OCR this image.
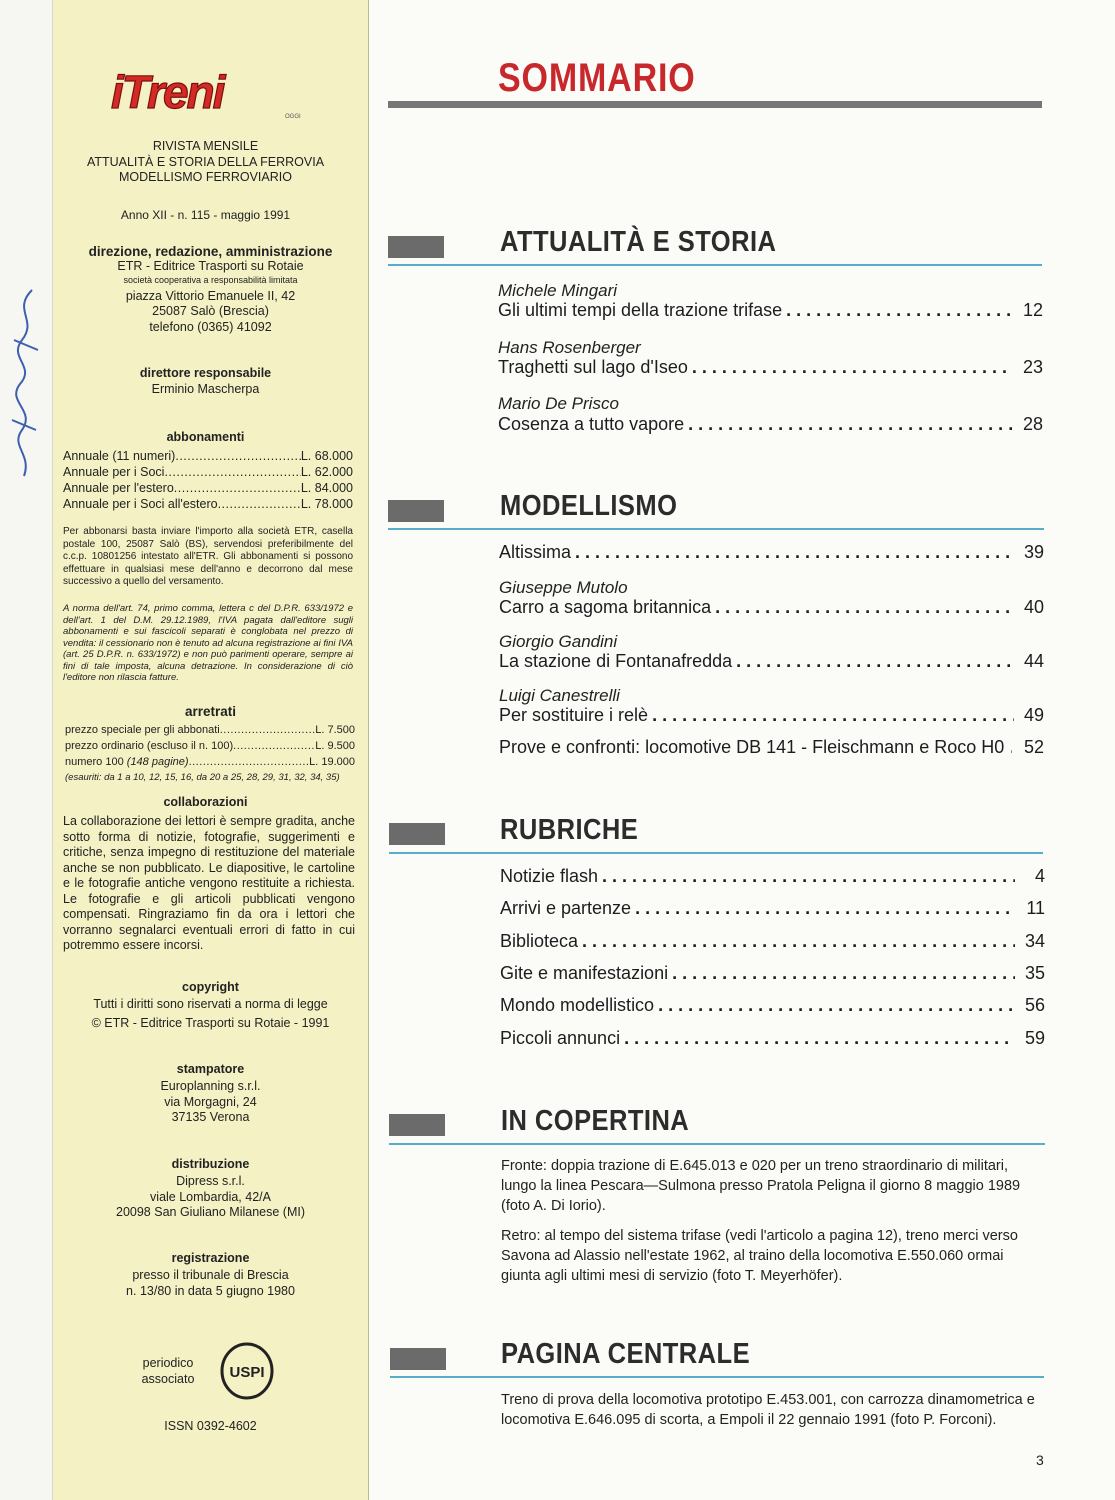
iTreni	OGGI
RIVISTA MENSILE
ATTUALITÀ E STORIA DELLA FERROVIA
MODELLISMO FERROVIARIO
Anno XII - n. 115 - maggio 1991
direzione, redazione, amministrazione
ETR - Editrice Trasporti su Rotaie
società cooperativa a responsabilità limitata
piazza Vittorio Emanuele II, 42
25087 Salò (Brescia)
telefono (0365) 41092
direttore responsabile
Erminio Mascherpa
abbonamenti
Annuale (11 numeri) .....	L. 68.000
Annuale per i Soci .....	L. 62.000
Annuale per l'estero .....	L. 84.000
Annuale per i Soci all'estero .....	L. 78.000
Per abbonarsi basta inviare l'importo alla società ETR, casella postale 100, 25087 Salò (BS), servendosi preferibilmente del c.c.p. 10801256 intestato all'ETR. Gli abbonamenti si possono effettuare in qualsiasi mese dell'anno e decorrono dal mese successivo a quello del versamento.
A norma dell'art. 74, primo comma, lettera c del D.P.R. 633/1972 e dell'art. 1 del D.M. 29.12.1989, l'IVA pagata dall'editore sugli abbonamenti e sui fascicoli separati è conglobata nel prezzo di vendita: il cessionario non è tenuto ad alcuna registrazione ai fini IVA (art. 25 D.P.R. n. 633/1972) e non può parimenti operare, sempre ai fini di tale imposta, alcuna detrazione. In considerazione di ciò l'editore non rilascia fatture.
arretrati
prezzo speciale per gli abbonati .....	L. 7.500
prezzo ordinario (escluso il n. 100) .....	L. 9.500
numero 100 (148 pagine) .....	L. 19.000
(esauriti: da 1 a 10, 12, 15, 16, da 20 a 25, 28, 29, 31, 32, 34, 35)
collaborazioni
La collaborazione dei lettori è sempre gradita, anche sotto forma di notizie, fotografie, suggerimenti e critiche, senza impegno di restituzione del materiale anche se non pubblicato. Le diapositive, le cartoline e le fotografie antiche vengono restituite a richiesta. Le fotografie e gli articoli pubblicati vengono compensati. Ringraziamo fin da ora i lettori che vorranno segnalarci eventuali errori di fatto in cui potremmo essere incorsi.
copyright
Tutti i diritti sono riservati a norma di legge
© ETR - Editrice Trasporti su Rotaie - 1991
stampatore
Europlanning s.r.l.
via Morgagni, 24
37135 Verona
distribuzione
Dipress s.r.l.
viale Lombardia, 42/A
20098 San Giuliano Milanese (MI)
registrazione
presso il tribunale di Brescia
n. 13/80 in data 5 giugno 1980
periodico
associato	USPI
ISSN 0392-4602
SOMMARIO
ATTUALITÀ E STORIA
Michele Mingari
Gli ultimi tempi della trazione trifase . . .	12
Hans Rosenberger
Traghetti sul lago d'Iseo . . .	23
Mario De Prisco
Cosenza a tutto vapore . . .	28
MODELLISMO
Altissima . . .	39
Giuseppe Mutolo
Carro a sagoma britannica . . .	40
Giorgio Gandini
La stazione di Fontanafredda . . .	44
Luigi Canestrelli
Per sostituire i relè . . .	49
Prove e confronti: locomotive DB 141 - Fleischmann e Roco H0 . . .	52
RUBRICHE
Notizie flash . . .	4
Arrivi e partenze . . .	11
Biblioteca . . .	34
Gite e manifestazioni . . .	35
Mondo modellistico . . .	56
Piccoli annunci . . .	59
IN COPERTINA
Fronte: doppia trazione di E.645.013 e 020 per un treno straordinario di militari, lungo la linea Pescara—Sulmona presso Pratola Peligna il giorno 8 maggio 1989 (foto A. Di Iorio).
Retro: al tempo del sistema trifase (vedi l'articolo a pagina 12), treno merci verso Savona ad Alassio nell'estate 1962, al traino della locomotiva E.550.060 ormai giunta agli ultimi mesi di servizio (foto T. Meyerhöfer).
PAGINA CENTRALE
Treno di prova della locomotiva prototipo E.453.001, con carrozza dinamometrica e locomotiva E.646.095 di scorta, a Empoli il 22 gennaio 1991 (foto P. Forconi).
3
